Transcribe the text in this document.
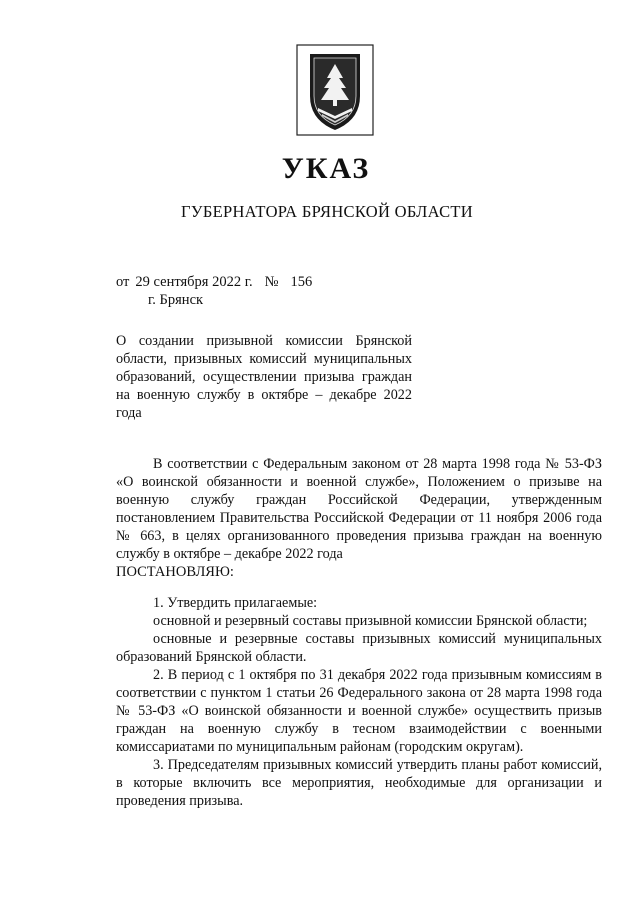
УКАЗ
ГУБЕРНАТОРА БРЯНСКОЙ ОБЛАСТИ
от 29 сентября 2022 г. № 156
г. Брянск
О создании призывной комиссии Брянской области, призывных комиссий муниципальных образований, осуществлении призыва граждан на военную службу в октябре – декабре 2022 года

В соответствии с Федеральным законом от 28 марта 1998 года № 53-ФЗ «О воинской обязанности и военной службе», Положением о призыве на военную службу граждан Российской Федерации, утвержденным постановлением Правительства Российской Федерации от 11 ноября 2006 года № 663, в целях организованного проведения призыва граждан на военную службу в октябре – декабре 2022 года

ПОСТАНОВЛЯЮ:

1. Утвердить прилагаемые:

основной и резервный составы призывной комиссии Брянской области;

основные и резервные составы призывных комиссий муниципальных образований Брянской области.

2. В период с 1 октября по 31 декабря 2022 года призывным комиссиям в соответствии с пунктом 1 статьи 26 Федерального закона от 28 марта 1998 года № 53-ФЗ «О воинской обязанности и военной службе» осуществить призыв граждан на военную службу в тесном взаимодействии с военными комиссариатами по муниципальным районам (городским округам).

3. Председателям призывных комиссий утвердить планы работ комиссий, в которые включить все мероприятия, необходимые для организации и проведения призыва.
